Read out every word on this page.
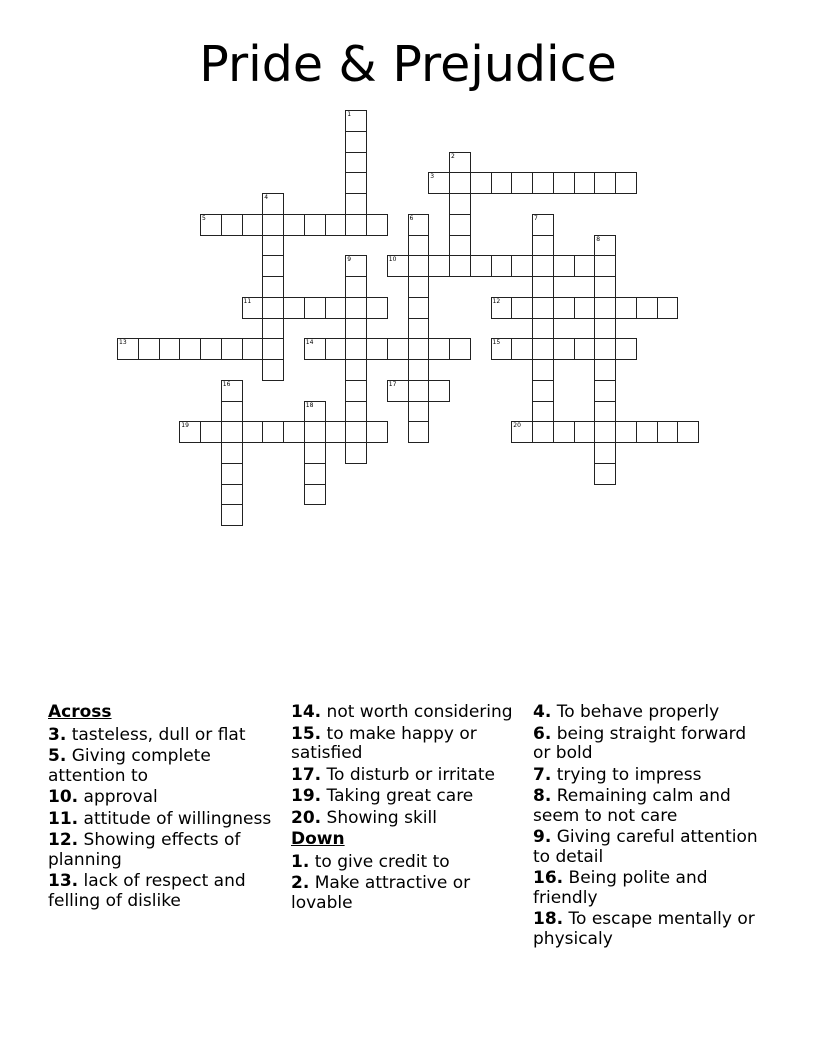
Pride & Prejudice
1
2
3
4
5	6	7
8
9	10
11	12
13	14	15
16	17
18
19	20
Across
3. tasteless, dull or flat
5. Giving complete attention to
10. approval
11. attitude of willingness
12. Showing effects of planning
13. lack of respect and felling of dislike
14. not worth considering
15. to make happy or satisfied
17. To disturb or irritate
19. Taking great care
20. Showing skill
Down
1. to give credit to
2. Make attractive or lovable
4. To behave properly
6. being straight forward or bold
7. trying to impress
8. Remaining calm and seem to not care
9. Giving careful attention to detail
16. Being polite and friendly
18. To escape mentally or physicaly
